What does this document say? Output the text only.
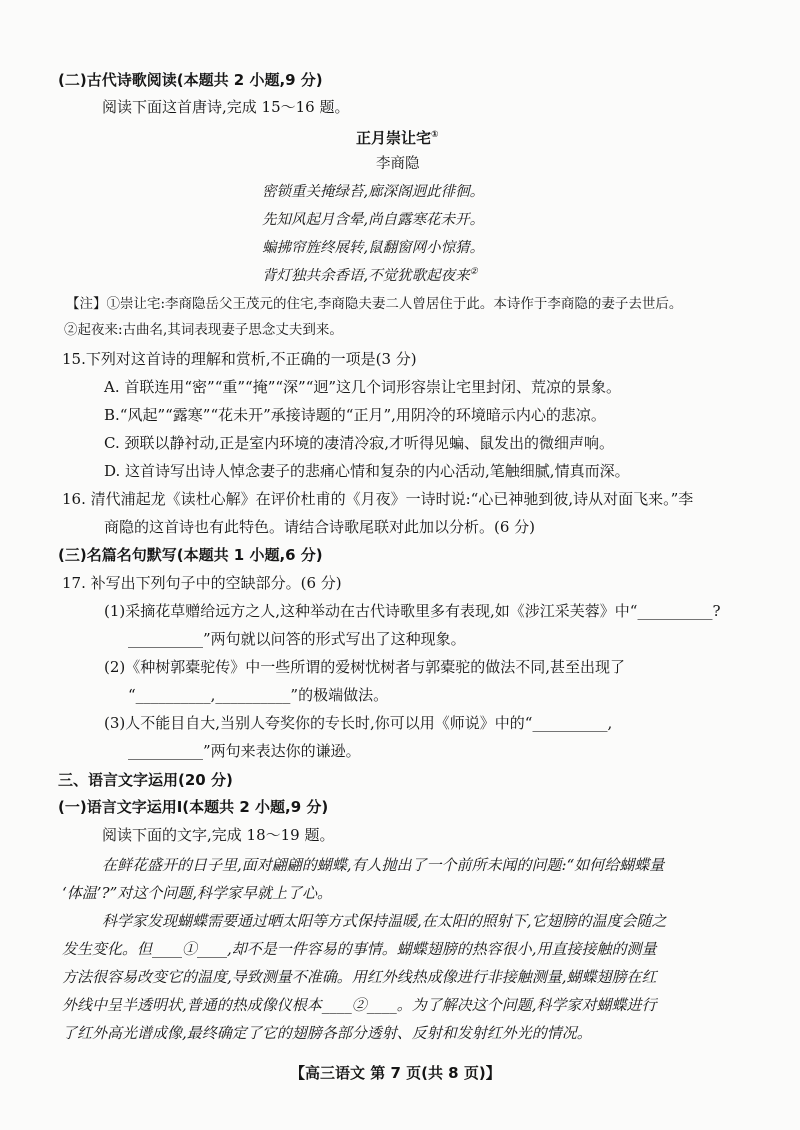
(二)古代诗歌阅读(本题共 2 小题,9 分)
阅读下面这首唐诗,完成 15～16 题。
正月崇让宅①
李商隐
密锁重关掩绿苔,廊深阁迥此徘徊。
先知风起月含晕,尚自露寒花未开。
蝙拂帘旌终展转,鼠翻窗网小惊猜。
背灯独共余香语,不觉犹歌起夜来②
【注】①崇让宅:李商隐岳父王茂元的住宅,李商隐夫妻二人曾居住于此。本诗作于李商隐的妻子去世后。
②起夜来:古曲名,其词表现妻子思念丈夫到来。
15.下列对这首诗的理解和赏析,不正确的一项是(3 分)
A. 首联连用“密”“重”“掩”“深”“迥”这几个词形容崇让宅里封闭、荒凉的景象。
B.“风起”“露寒”“花未开”承接诗题的“正月”,用阴冷的环境暗示内心的悲凉。
C. 颈联以静衬动,正是室内环境的凄清冷寂,才听得见蝙、鼠发出的微细声响。
D. 这首诗写出诗人悼念妻子的悲痛心情和复杂的内心活动,笔触细腻,情真而深。
16. 清代浦起龙《读杜心解》在评价杜甫的《月夜》一诗时说:“心已神驰到彼,诗从对面飞来。”李
商隐的这首诗也有此特色。请结合诗歌尾联对此加以分析。(6 分)
(三)名篇名句默写(本题共 1 小题,6 分)
17. 补写出下列句子中的空缺部分。(6 分)
(1)采摘花草赠给远方之人,这种举动在古代诗歌里多有表现,如《涉江采芙蓉》中“__________?
__________”两句就以问答的形式写出了这种现象。
(2)《种树郭橐驼传》中一些所谓的爱树忧树者与郭橐驼的做法不同,甚至出现了
“__________,__________”的极端做法。
(3)人不能目自大,当别人夸奖你的专长时,你可以用《师说》中的“__________,
__________”两句来表达你的谦逊。
三、语言文字运用(20 分)
(一)语言文字运用Ⅰ(本题共 2 小题,9 分)
阅读下面的文字,完成 18～19 题。
在鲜花盛开的日子里,面对翩翩的蝴蝶,有人抛出了一个前所未闻的问题:“如何给蝴蝶量
‘体温’?”对这个问题,科学家早就上了心。
科学家发现蝴蝶需要通过晒太阳等方式保持温暖,在太阳的照射下,它翅膀的温度会随之
发生变化。但____①____,却不是一件容易的事情。蝴蝶翅膀的热容很小,用直接接触的测量
方法很容易改变它的温度,导致测量不准确。用红外线热成像进行非接触测量,蝴蝶翅膀在红
外线中呈半透明状,普通的热成像仪根本____②____。为了解决这个问题,科学家对蝴蝶进行
了红外高光谱成像,最终确定了它的翅膀各部分透射、反射和发射红外光的情况。
【高三语文 第 7 页(共 8 页)】
